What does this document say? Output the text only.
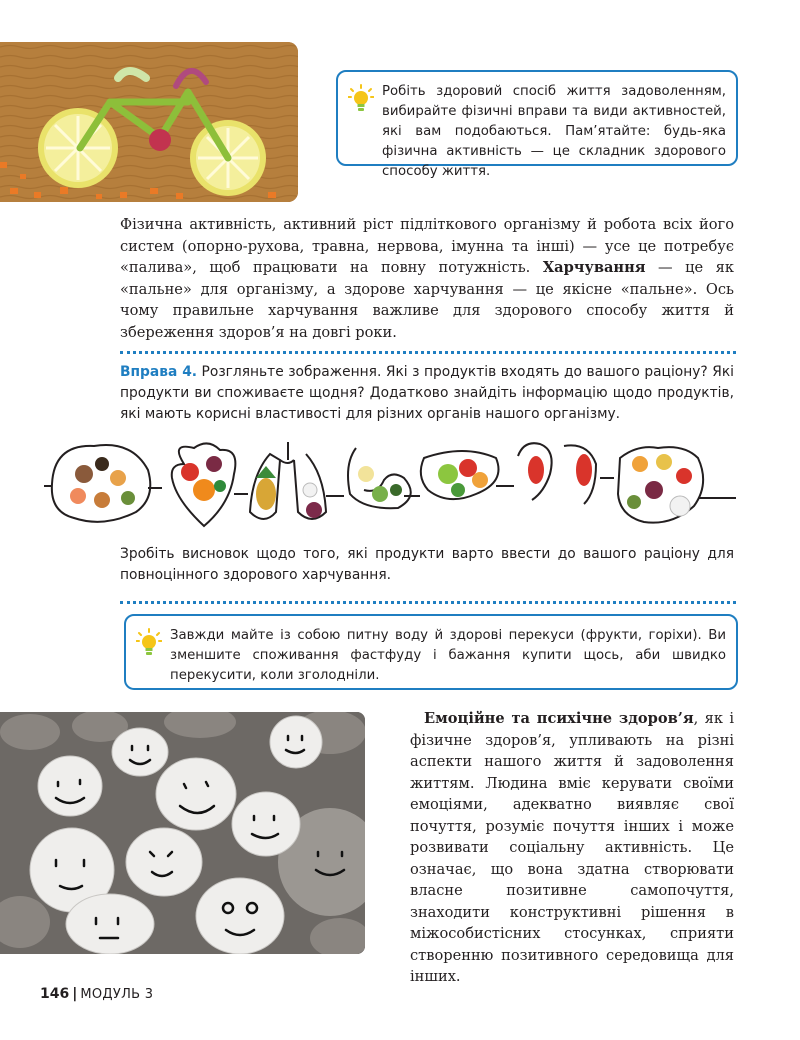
Робіть здоровий спосіб життя задоволенням, вибирайте фізичні вправи та види активностей, які вам подобаються. Пам’ятайте: будь-яка фізична активність — це складник здорового способу життя.
Фізична активність, активний ріст підліткового організму й робота всіх його систем (опорно-рухова, травна, нервова, імунна та інші) — усе це потребує «палива», щоб працювати на повну потужність. Харчування — це як «пальне» для організму, а здорове харчування — це якісне «пальне». Ось чому правильне харчування важливе для здорового способу життя й збереження здоров’я на довгі роки.
Вправа 4. Розгляньте зображення. Які з продуктів входять до вашого раціону? Які продукти ви споживаєте щодня? Додатково знайдіть інформацію щодо продуктів, які мають корисні властивості для різних органів нашого організму.
Зробіть висновок щодо того, які продукти варто ввести до вашого раціону для повноцінного здорового харчування.
Завжди майте із собою питну воду й здорові перекуси (фрукти, горіхи). Ви зменшите споживання фастфуду і бажання купити щось, аби швидко перекусити, коли зголодніли.
Емоційне та психічне здоров’я, як і фізичне здоров’я, упливають на різні аспекти нашого життя й задоволення життям. Людина вміє керувати своїми емоціями, адекватно виявляє свої почуття, розуміє почуття інших і може розвивати соціальну активність. Це означає, що вона здатна створювати власне позитивне самопочуття, знаходити конструктивні рішення в міжособистісних стосунках, сприяти створенню позитивного середовища для інших.
146 | МОДУЛЬ 3
